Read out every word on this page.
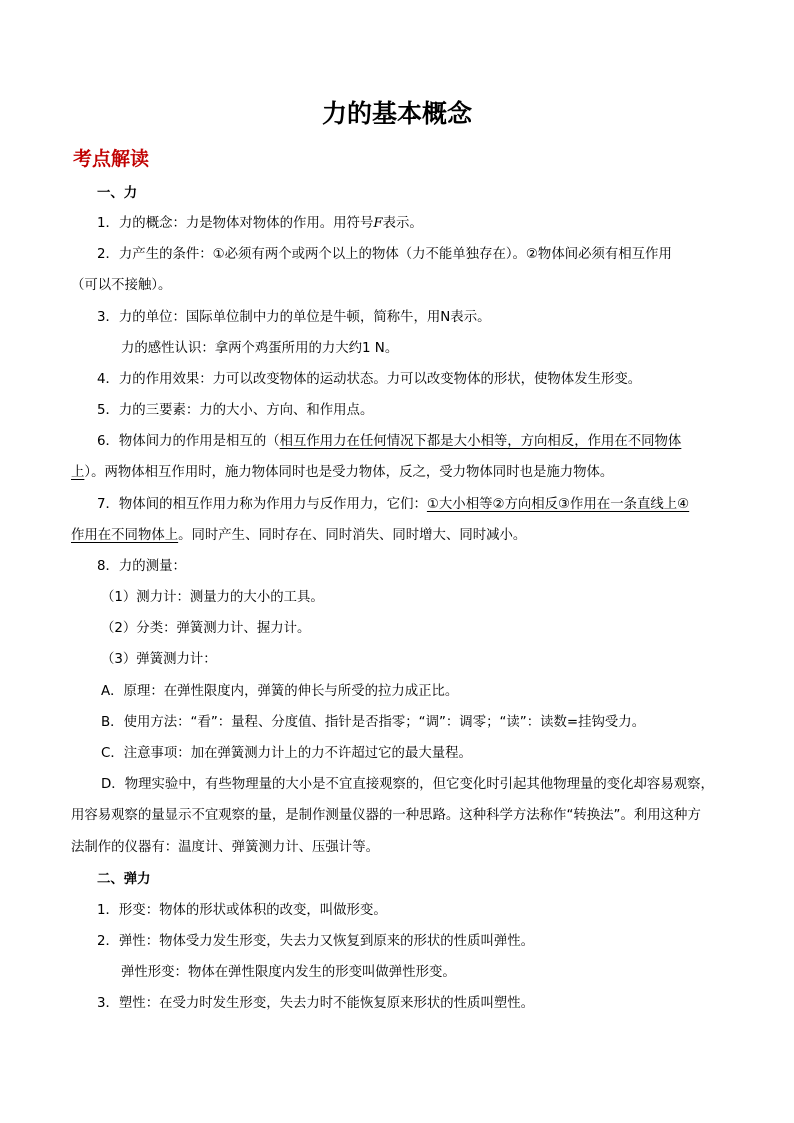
力的基本概念
考点解读
一、力
1．力的概念：力是物体对物体的作用。用符号F表示。
2．力产生的条件：①必须有两个或两个以上的物体（力不能单独存在）。②物体间必须有相互作用
（可以不接触）。
3．力的单位：国际单位制中力的单位是牛顿，简称牛，用N表示。
力的感性认识：拿两个鸡蛋所用的力大约1 N。
4．力的作用效果：力可以改变物体的运动状态。力可以改变物体的形状，使物体发生形变。
5．力的三要素：力的大小、方向、和作用点。
6．物体间力的作用是相互的（相互作用力在任何情况下都是大小相等，方向相反，作用在不同物体
上）。两物体相互作用时，施力物体同时也是受力物体，反之，受力物体同时也是施力物体。
7．物体间的相互作用力称为作用力与反作用力，它们：①大小相等②方向相反③作用在一条直线上④
作用在不同物体上。同时产生、同时存在、同时消失、同时增大、同时减小。
8．力的测量：
（1）测力计：测量力的大小的工具。
（2）分类：弹簧测力计、握力计。
（3）弹簧测力计：
A．原理：在弹性限度内，弹簧的伸长与所受的拉力成正比。
B．使用方法：“看”：量程、分度值、指针是否指零；“调”：调零；“读”：读数=挂钩受力。
C．注意事项：加在弹簧测力计上的力不许超过它的最大量程。
D．物理实验中，有些物理量的大小是不宜直接观察的，但它变化时引起其他物理量的变化却容易观察，
用容易观察的量显示不宜观察的量，是制作测量仪器的一种思路。这种科学方法称作“转换法”。利用这种方
法制作的仪器有：温度计、弹簧测力计、压强计等。
二、弹力
1．形变：物体的形状或体积的改变，叫做形变。
2．弹性：物体受力发生形变，失去力又恢复到原来的形状的性质叫弹性。
弹性形变：物体在弹性限度内发生的形变叫做弹性形变。
3．塑性：在受力时发生形变，失去力时不能恢复原来形状的性质叫塑性。
